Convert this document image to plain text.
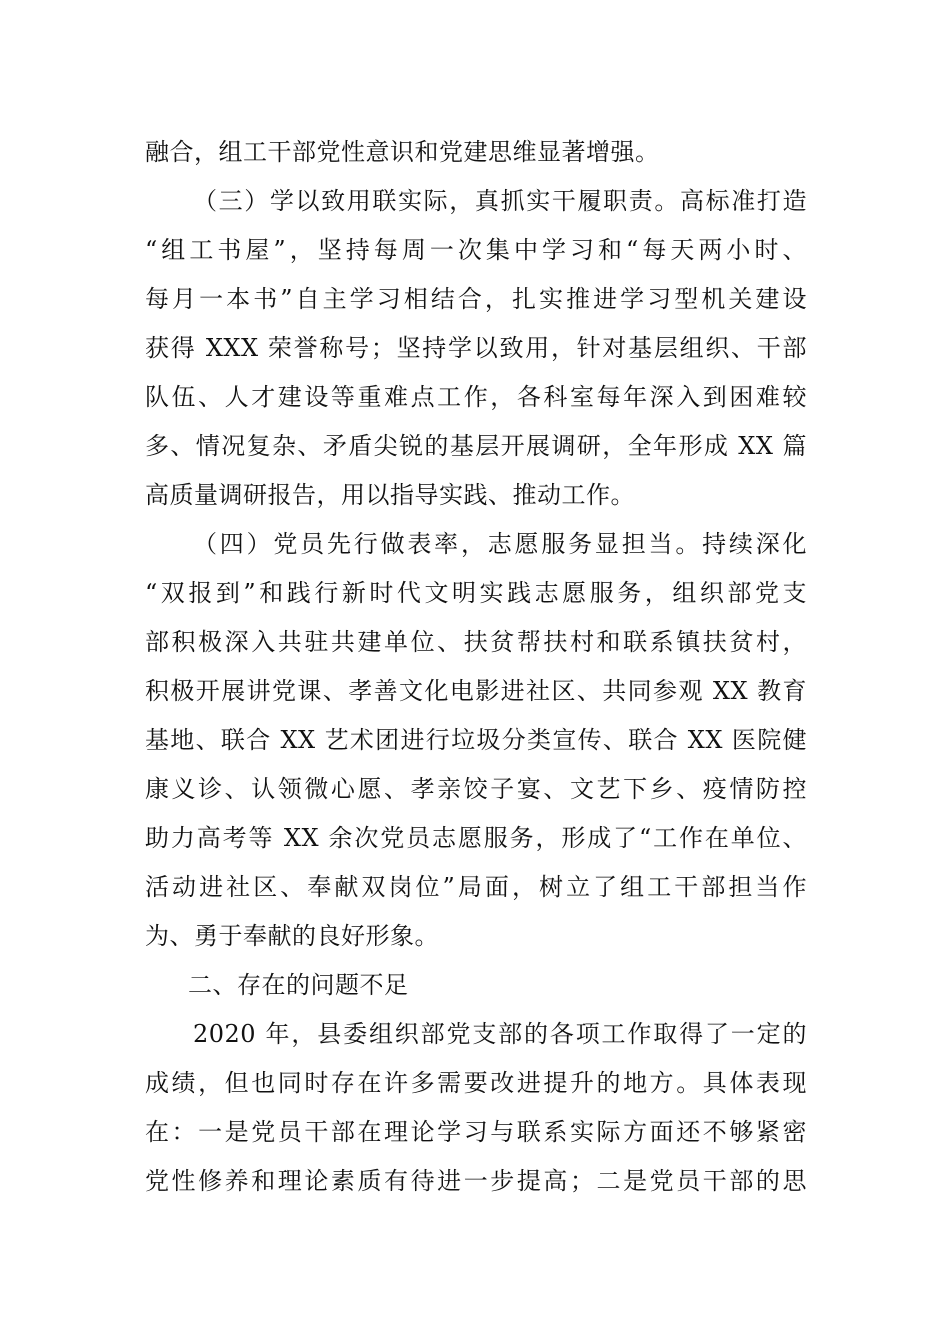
融合，组工干部党性意识和党建思维显著增强。
（三）学以致用联实际，真抓实干履职责。高标准打造
“组工书屋”，坚持每周一次集中学习和“每天两小时、
每月一本书”自主学习相结合，扎实推进学习型机关建设
获得 XXX 荣誉称号；坚持学以致用，针对基层组织、干部
队伍、人才建设等重难点工作，各科室每年深入到困难较
多、情况复杂、矛盾尖锐的基层开展调研，全年形成 XX 篇
高质量调研报告，用以指导实践、推动工作。
（四）党员先行做表率，志愿服务显担当。持续深化
“双报到”和践行新时代文明实践志愿服务，组织部党支
部积极深入共驻共建单位、扶贫帮扶村和联系镇扶贫村，
积极开展讲党课、孝善文化电影进社区、共同参观 XX 教育
基地、联合 XX 艺术团进行垃圾分类宣传、联合 XX 医院健
康义诊、认领微心愿、孝亲饺子宴、文艺下乡、疫情防控
助力高考等 XX 余次党员志愿服务，形成了“工作在单位、
活动进社区、奉献双岗位”局面，树立了组工干部担当作
为、勇于奉献的良好形象。
二、存在的问题不足
2020 年，县委组织部党支部的各项工作取得了一定的
成绩，但也同时存在许多需要改进提升的地方。具体表现
在：一是党员干部在理论学习与联系实际方面还不够紧密
党性修养和理论素质有待进一步提高；二是党员干部的思
